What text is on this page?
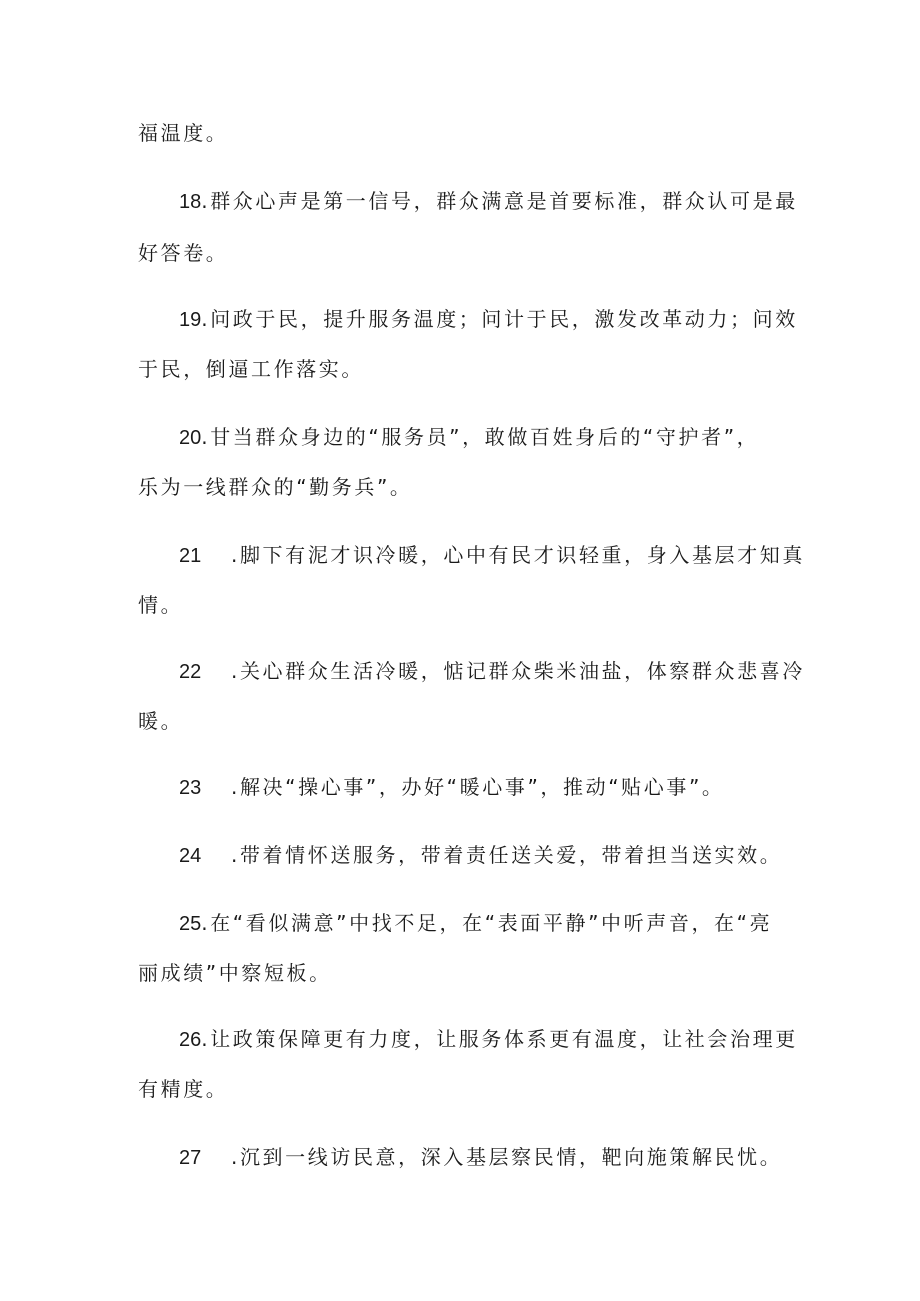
福温度。
18.群众心声是第一信号，群众满意是首要标准，群众认可是最
好答卷。
19.问政于民，提升服务温度；问计于民，激发改革动力；问效
于民，倒逼工作落实。
20.甘当群众身边的“服务员”，敢做百姓身后的“守护者”，
乐为一线群众的“勤务兵”。
21 .脚下有泥才识冷暖，心中有民才识轻重，身入基层才知真
情。
22 .关心群众生活冷暖，惦记群众柴米油盐，体察群众悲喜冷
暖。
23 .解决“操心事”，办好“暖心事”，推动“贴心事”。
24 .带着情怀送服务，带着责任送关爱，带着担当送实效。
25.在“看似满意”中找不足，在“表面平静”中听声音，在“亮
丽成绩”中察短板。
26.让政策保障更有力度，让服务体系更有温度，让社会治理更
有精度。
27 .沉到一线访民意，深入基层察民情，靶向施策解民忧。
